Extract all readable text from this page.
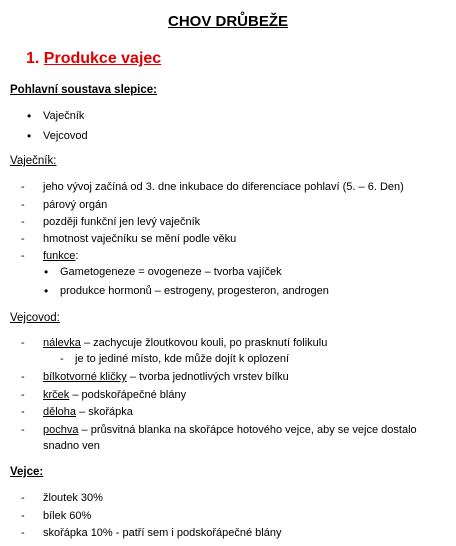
CHOV DRŮBEŽE
1. Produkce vajec
Pohlavní soustava slepice:
• Vaječník
• Vejcovod
Vaječník:
- jeho vývoj začíná od 3. dne inkubace do diferenciace pohlaví (5. – 6. Den)
- párový orgán
- později funkční jen levý vaječník
- hmotnost vaječníku se mění podle věku
- funkce:
• Gametogeneze = ovogeneze – tvorba vajíček
• produkce hormonů – estrogeny, progesteron, androgen
Vejcovod:
- nálevka – zachycuje žloutkovou kouli, po prasknutí folikulu
- je to jediné místo, kde může dojít k oplození
- bílkotvorné kličky – tvorba jednotlivých vrstev bílku
- krček – podskořápečné blány
- děloha – skořápka
- pochva – průsvitná blanka na skořápce hotového vejce, aby se vejce dostalo
snadno ven
Vejce:
- žloutek 30%
- bílek 60%
- skořápka 10% - patří sem i podskořápečné blány
